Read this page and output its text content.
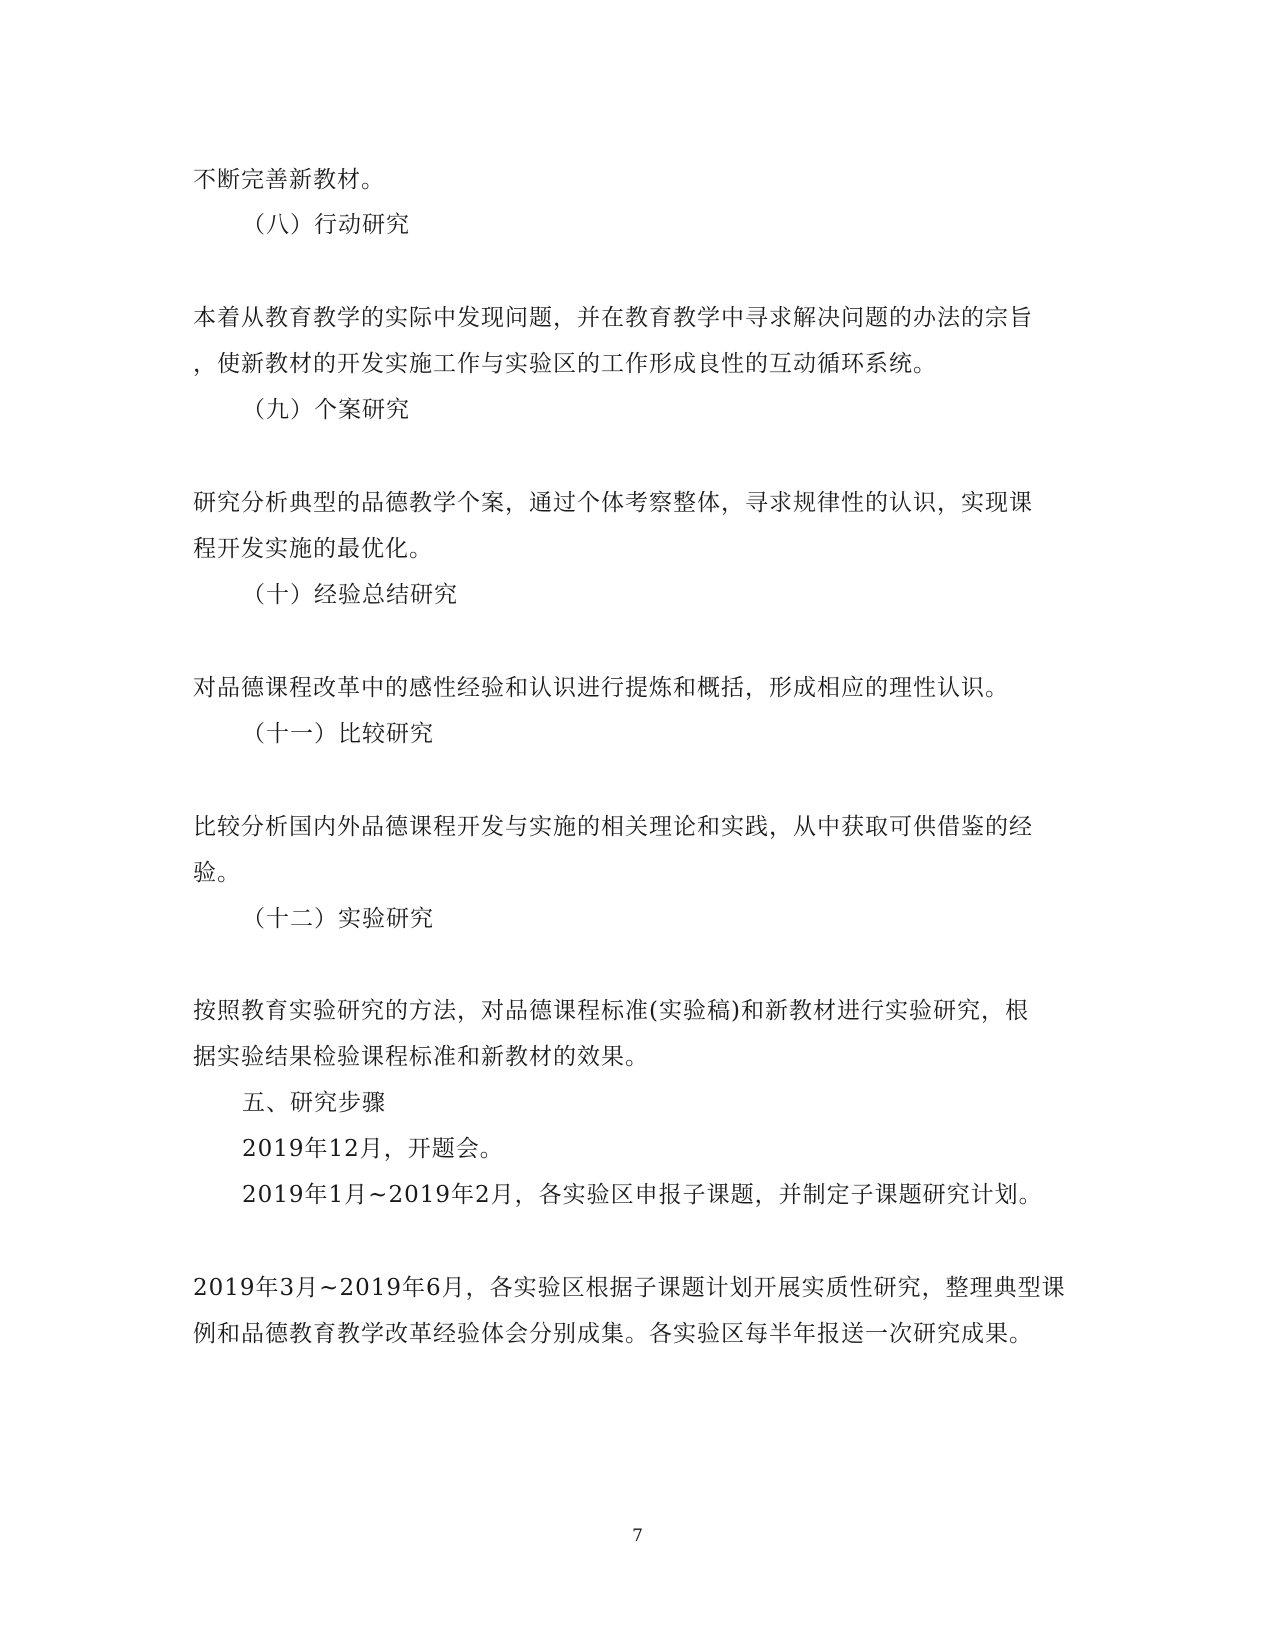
不断完善新教材。
（八）行动研究
本着从教育教学的实际中发现问题，并在教育教学中寻求解决问题的办法的宗旨
，使新教材的开发实施工作与实验区的工作形成良性的互动循环系统。
（九）个案研究
研究分析典型的品德教学个案，通过个体考察整体，寻求规律性的认识，实现课
程开发实施的最优化。
（十）经验总结研究
对品德课程改革中的感性经验和认识进行提炼和概括，形成相应的理性认识。
（十一）比较研究
比较分析国内外品德课程开发与实施的相关理论和实践，从中获取可供借鉴的经
验。
（十二）实验研究
按照教育实验研究的方法，对品德课程标准(实验稿)和新教材进行实验研究，根
据实验结果检验课程标准和新教材的效果。
五、研究步骤
2019年12月，开题会。
2019年1月~2019年2月，各实验区申报子课题，并制定子课题研究计划。
2019年3月~2019年6月，各实验区根据子课题计划开展实质性研究，整理典型课
例和品德教育教学改革经验体会分别成集。各实验区每半年报送一次研究成果。
7
